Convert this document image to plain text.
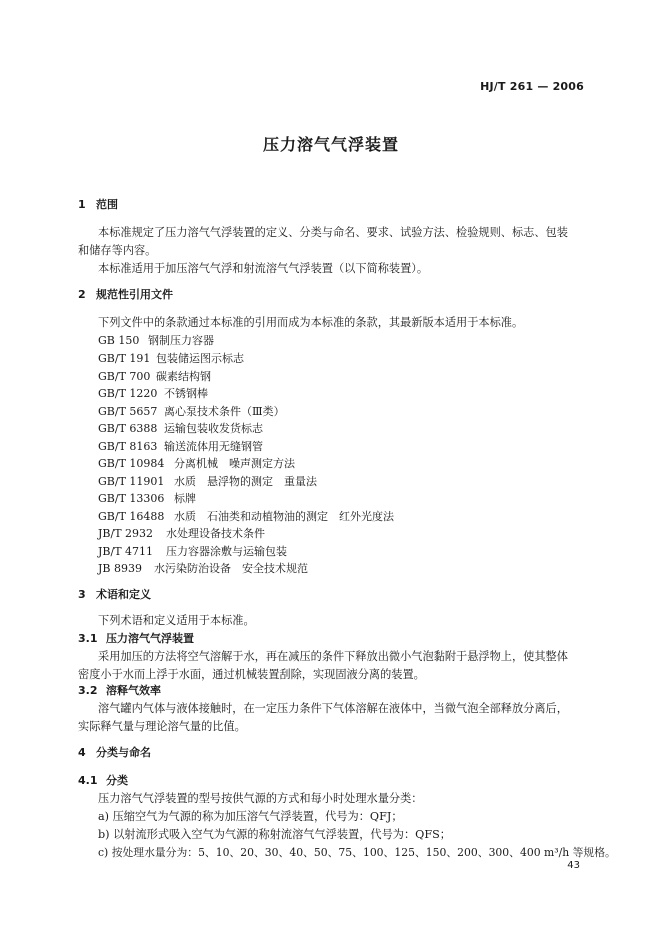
HJ/T 261 — 2006
压力溶气气浮装置
1 范围
本标准规定了压力溶气气浮装置的定义、分类与命名、要求、试验方法、检验规则、标志、包装
和储存等内容。
本标准适用于加压溶气气浮和射流溶气气浮装置（以下简称装置）。
2 规范性引用文件
下列文件中的条款通过本标准的引用而成为本标准的条款，其最新版本适用于本标准。
GB 150 钢制压力容器
GB/T 191 包装储运图示标志
GB/T 700 碳素结构钢
GB/T 1220 不锈钢棒
GB/T 5657 离心泵技术条件（Ⅲ类）
GB/T 6388 运输包装收发货标志
GB/T 8163 输送流体用无缝钢管
GB/T 10984 分离机械　噪声测定方法
GB/T 11901 水质　悬浮物的测定　重量法
GB/T 13306 标牌
GB/T 16488 水质　石油类和动植物油的测定　红外光度法
JB/T 2932 水处理设备技术条件
JB/T 4711 压力容器涂敷与运输包装
JB 8939 水污染防治设备　安全技术规范
3 术语和定义
下列术语和定义适用于本标准。
3.1 压力溶气气浮装置
采用加压的方法将空气溶解于水，再在减压的条件下释放出微小气泡黏附于悬浮物上，使其整体
密度小于水而上浮于水面，通过机械装置刮除，实现固液分离的装置。
3.2 溶释气效率
溶气罐内气体与液体接触时，在一定压力条件下气体溶解在液体中，当微气泡全部释放分离后，
实际释气量与理论溶气量的比值。
4 分类与命名
4.1 分类
压力溶气气浮装置的型号按供气源的方式和每小时处理水量分类：
a) 压缩空气为气源的称为加压溶气气浮装置，代号为：QFJ；
b) 以射流形式吸入空气为气源的称射流溶气气浮装置，代号为：QFS；
c) 按处理水量分为：5、10、20、30、40、50、75、100、125、150、200、300、400 m³/h 等规格。
43
